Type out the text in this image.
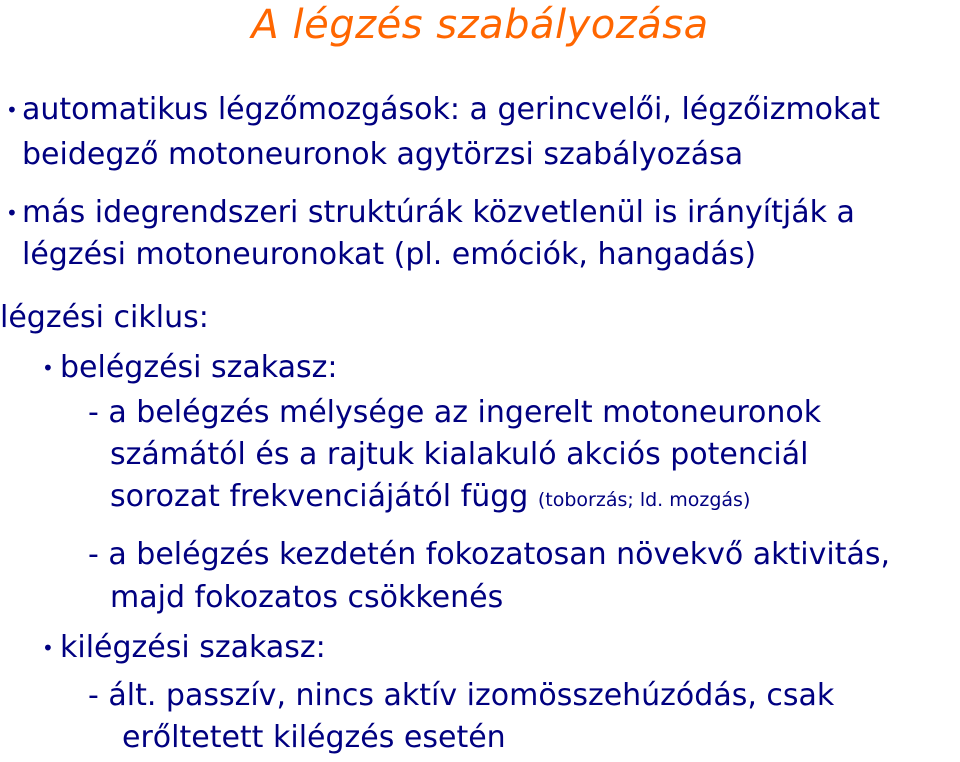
A légzés szabályozása
• automatikus légzőmozgások: a gerincvelői, légzőizmokat
beidegző motoneuronok agytörzsi szabályozása
• más idegrendszeri struktúrák közvetlenül is irányítják a
légzési motoneuronokat (pl. emóciók, hangadás)
légzési ciklus:
• belégzési szakasz:
- a belégzés mélysége az ingerelt motoneuronok
számától és a rajtuk kialakuló akciós potenciál
sorozat frekvenciájától függ (toborzás; ld. mozgás)
- a belégzés kezdetén fokozatosan növekvő aktivitás,
majd fokozatos csökkenés
• kilégzési szakasz:
- ált. passzív, nincs aktív izomösszehúzódás, csak
erőltetett kilégzés esetén
